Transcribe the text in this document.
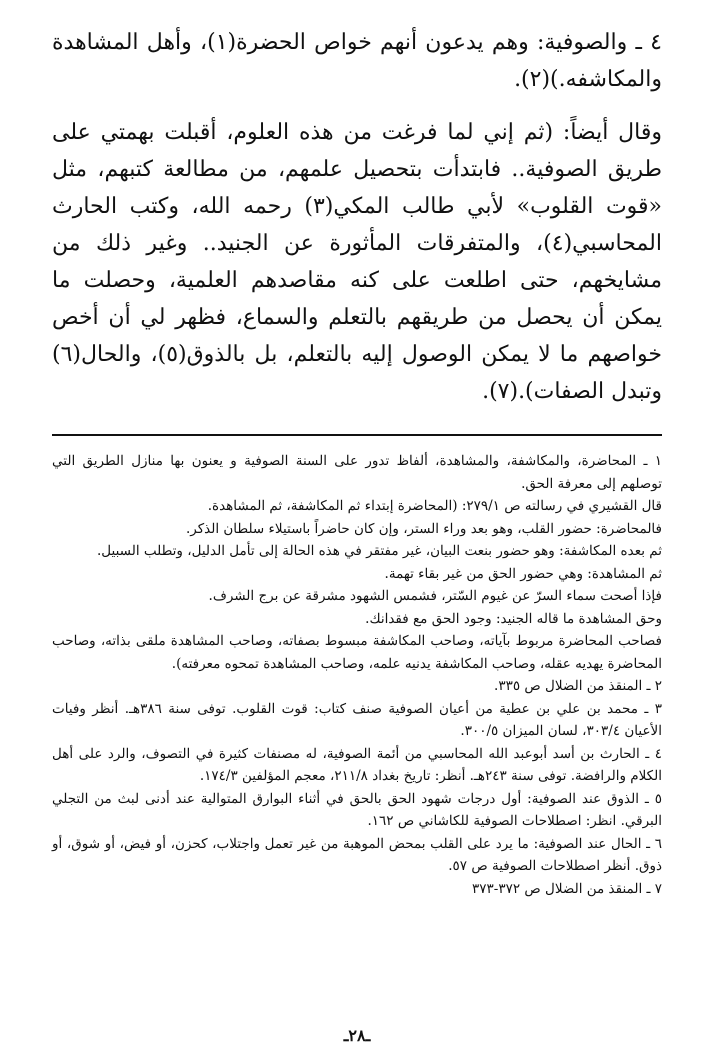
٤ ـ والصوفية: وهم يدعون أنهم خواص الحضرة(١)، وأهل المشاهدة والمكاشفه.)(٢).

وقال أيضاً: (ثم إني لما فرغت من هذه العلوم، أقبلت بهمتي على طريق الصوفية.. فابتدأت بتحصيل علمهم، من مطالعة كتبهم، مثل «قوت القلوب» لأبي طالب المكي(٣) رحمه الله، وكتب الحارث المحاسبي(٤)، والمتفرقات المأثورة عن الجنيد.. وغير ذلك من مشايخهم، حتى اطلعت على كنه مقاصدهم العلمية، وحصلت ما يمكن أن يحصل من طريقهم بالتعلم والسماع، فظهر لي أن أخص خواصهم ما لا يمكن الوصول إليه بالتعلم، بل بالذوق(٥)، والحال(٦) وتبدل الصفات).(٧).

١ ـ المحاضرة، والمكاشفة، والمشاهدة، ألفاظ تدور على السنة الصوفية و يعنون بها منازل الطريق التي توصلهم إلى معرفة الحق.

قال القشيري في رسالته ص ٢٧٩/١: (المحاضرة إبتداء ثم المكاشفة، ثم المشاهدة.

فالمحاضرة: حضور القلب، وهو بعد وراء الستر، وإن كان حاضراً باستيلاء سلطان الذكر.

ثم بعده المكاشفة: وهو حضور بنعت البيان، غير مفتقر في هذه الحالة إلى تأمل الدليل، وتطلب السبيل.

ثم المشاهدة: وهي حضور الحق من غير بقاء تهمة.

فإذا أصحت سماء السرّ عن غيوم السّتر، فشمس الشهود مشرقة عن برج الشرف.

وحق المشاهدة ما قاله الجنيد: وجود الحق مع فقدانك.

فصاحب المحاضرة مربوط بآياته، وصاحب المكاشفة مبسوط بصفاته، وصاحب المشاهدة ملقى بذاته، وصاحب المحاضرة يهديه عقله، وصاحب المكاشفة يدنيه علمه، وصاحب المشاهدة تمحوه معرفته).

٢ ـ المنقذ من الضلال ص ٣٣٥.

٣ ـ محمد بن علي بن عطية من أعيان الصوفية صنف كتاب: قوت القلوب. توفى سنة ٣٨٦هـ. أنظر وفيات الأعيان ٣٠٣/٤، لسان الميزان ٣٠٠/٥.

٤ ـ الحارث بن أسد أبوعبد الله المحاسبي من أئمة الصوفية، له مصنفات كثيرة في التصوف، والرد على أهل الكلام والرافضة. توفى سنة ٢٤٣هـ. أنظر: تاريخ بغداد ٢١١/٨، معجم المؤلفين ١٧٤/٣.

٥ ـ الذوق عند الصوفية: أول درجات شهود الحق بالحق في أثناء البوارق المتوالية عند أدنى لبث من التجلي البرقي. انظر: اصطلاحات الصوفية للكاشاني ص ١٦٢.

٦ ـ الحال عند الصوفية: ما يرد على القلب بمحض الموهبة من غير تعمل واجتلاب، كحزن، أو فيض، أو شوق، أو ذوق. أنظر اصطلاحات الصوفية ص ٥٧.

٧ ـ المنقذ من الضلال ص ٣٧٢-٣٧٣

ـ٢٨ـ
